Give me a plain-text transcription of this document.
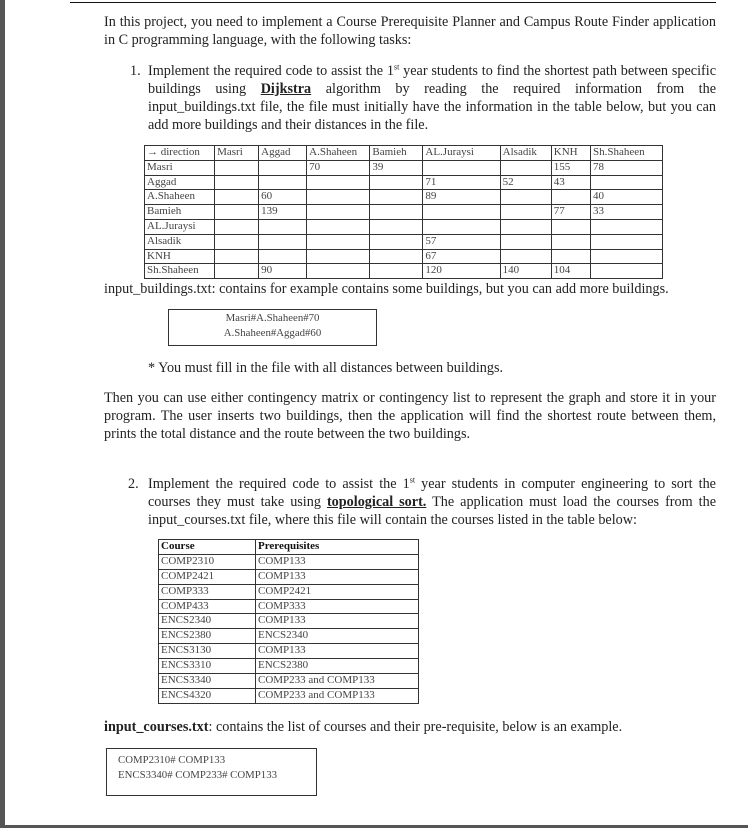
In this project, you need to implement a Course Prerequisite Planner and Campus Route Finder application in C programming language, with the following tasks:
1. Implement the required code to assist the 1st year students to find the shortest path between specific buildings using Dijkstra algorithm by reading the required information from the input_buildings.txt file, the file must initially have the information in the table below, but you can add more buildings and their distances in the file.
→ direction	Masri	Aggad	A.Shaheen	Bamieh	AL.Juraysi	Alsadik	KNH	Sh.Shaheen
Masri			70	39			155	78
Aggad					71	52	43	
A.Shaheen		60			89			40
Bamieh		139					77	33
AL.Juraysi								
Alsadik					57			
KNH					67			
Sh.Shaheen		90			120	140	104	
input_buildings.txt: contains for example contains some buildings, but you can add more buildings.
Masri#A.Shaheen#70
A.Shaheen#Aggad#60
* You must fill in the file with all distances between buildings.
Then you can use either contingency matrix or contingency list to represent the graph and store it in your program. The user inserts two buildings, then the application will find the shortest route between them, prints the total distance and the route between the two buildings.
2. Implement the required code to assist the 1st year students in computer engineering to sort the courses they must take using topological sort. The application must load the courses from the input_courses.txt file, where this file will contain the courses listed in the table below:
Course	Prerequisites
COMP2310	COMP133
COMP2421	COMP133
COMP333	COMP2421
COMP433	COMP333
ENCS2340	COMP133
ENCS2380	ENCS2340
ENCS3130	COMP133
ENCS3310	ENCS2380
ENCS3340	COMP233 and COMP133
ENCS4320	COMP233 and COMP133
input_courses.txt: contains the list of courses and their pre-requisite, below is an example.
COMP2310# COMP133
ENCS3340# COMP233# COMP133
